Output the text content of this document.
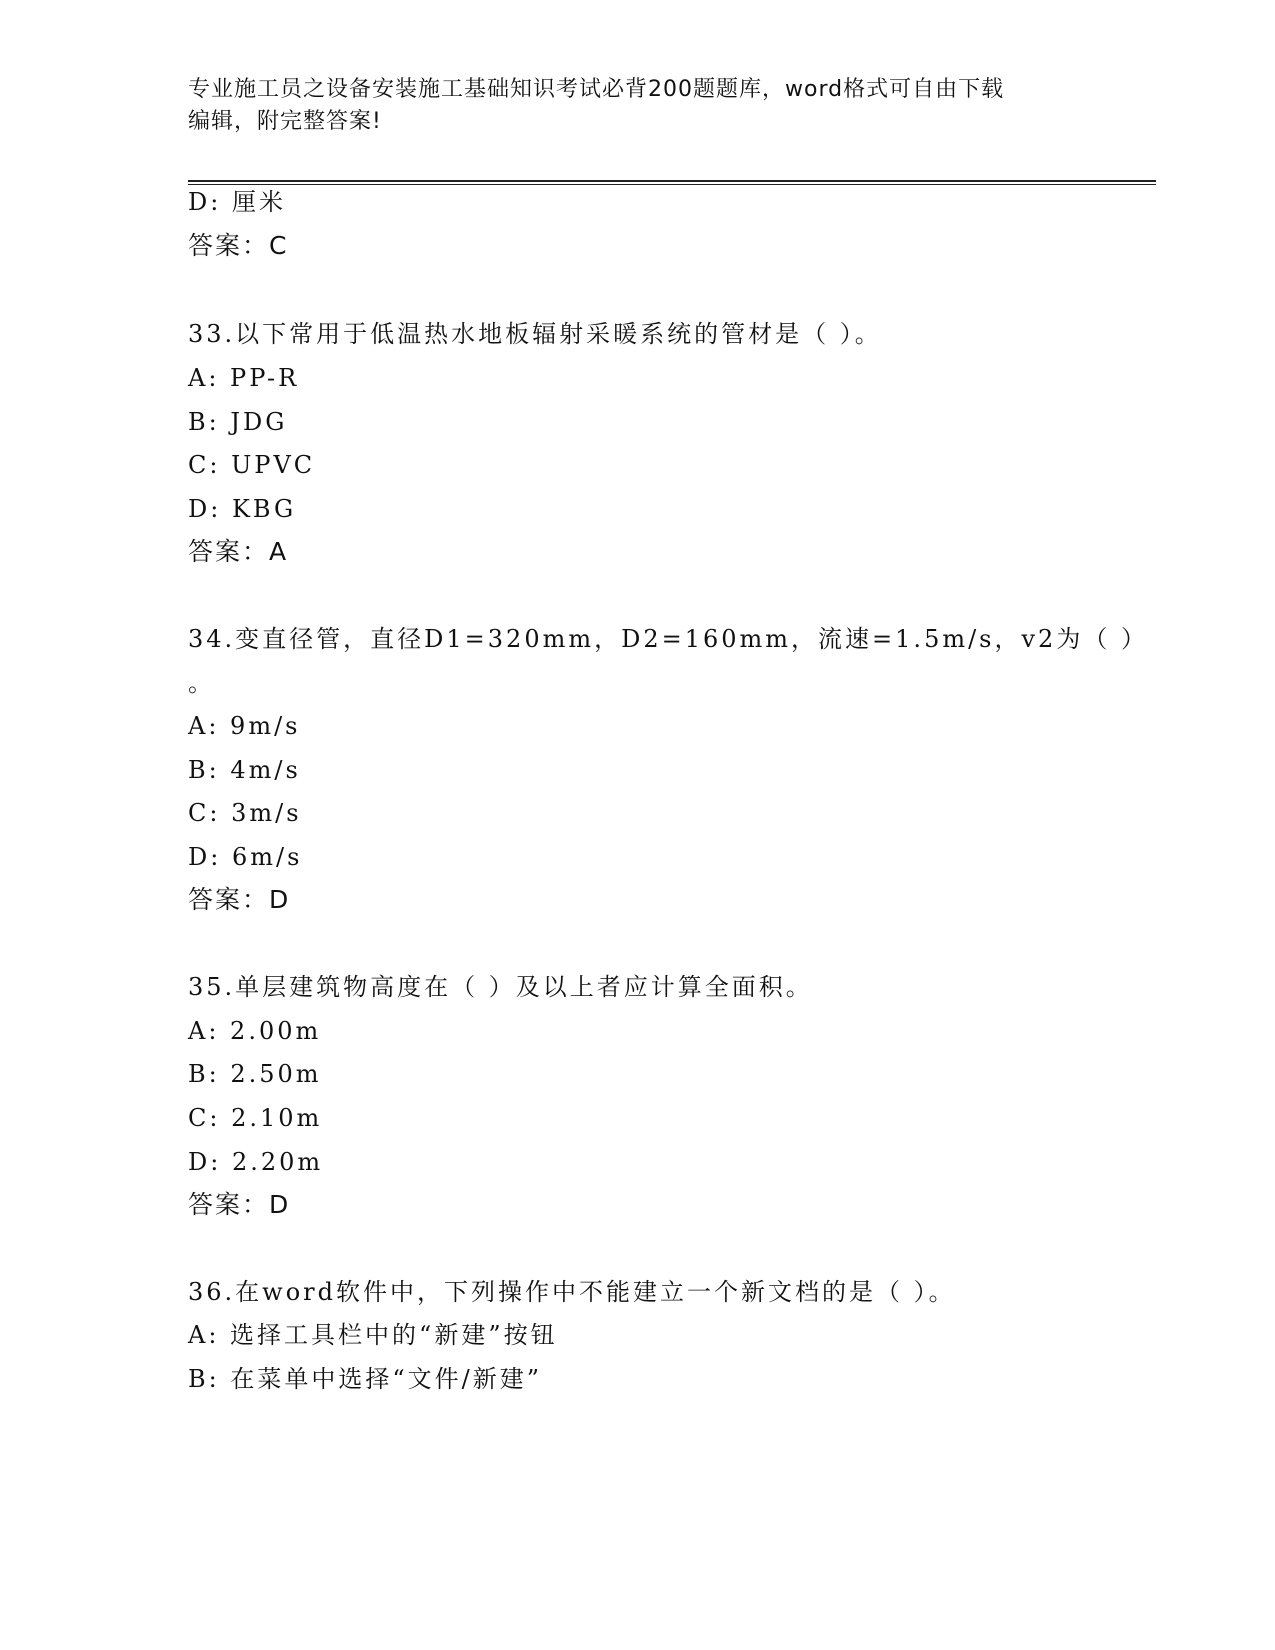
专业施工员之设备安装施工基础知识考试必背200题题库，word格式可自由下载
编辑，附完整答案!
D: 厘米
答案：C
33.以下常用于低温热水地板辐射采暖系统的管材是（ ）。
A: PP-R
B: JDG
C: UPVC
D: KBG
答案：A
34.变直径管，直径D1=320mm，D2=160mm，流速=1.5m/s，v2为（ ）
。
A: 9m/s
B: 4m/s
C: 3m/s
D: 6m/s
答案：D
35.单层建筑物高度在（ ）及以上者应计算全面积。
A: 2.00m
B: 2.50m
C: 2.10m
D: 2.20m
答案：D
36.在word软件中，下列操作中不能建立一个新文档的是（ ）。
A: 选择工具栏中的“新建”按钮
B: 在菜单中选择“文件/新建”
